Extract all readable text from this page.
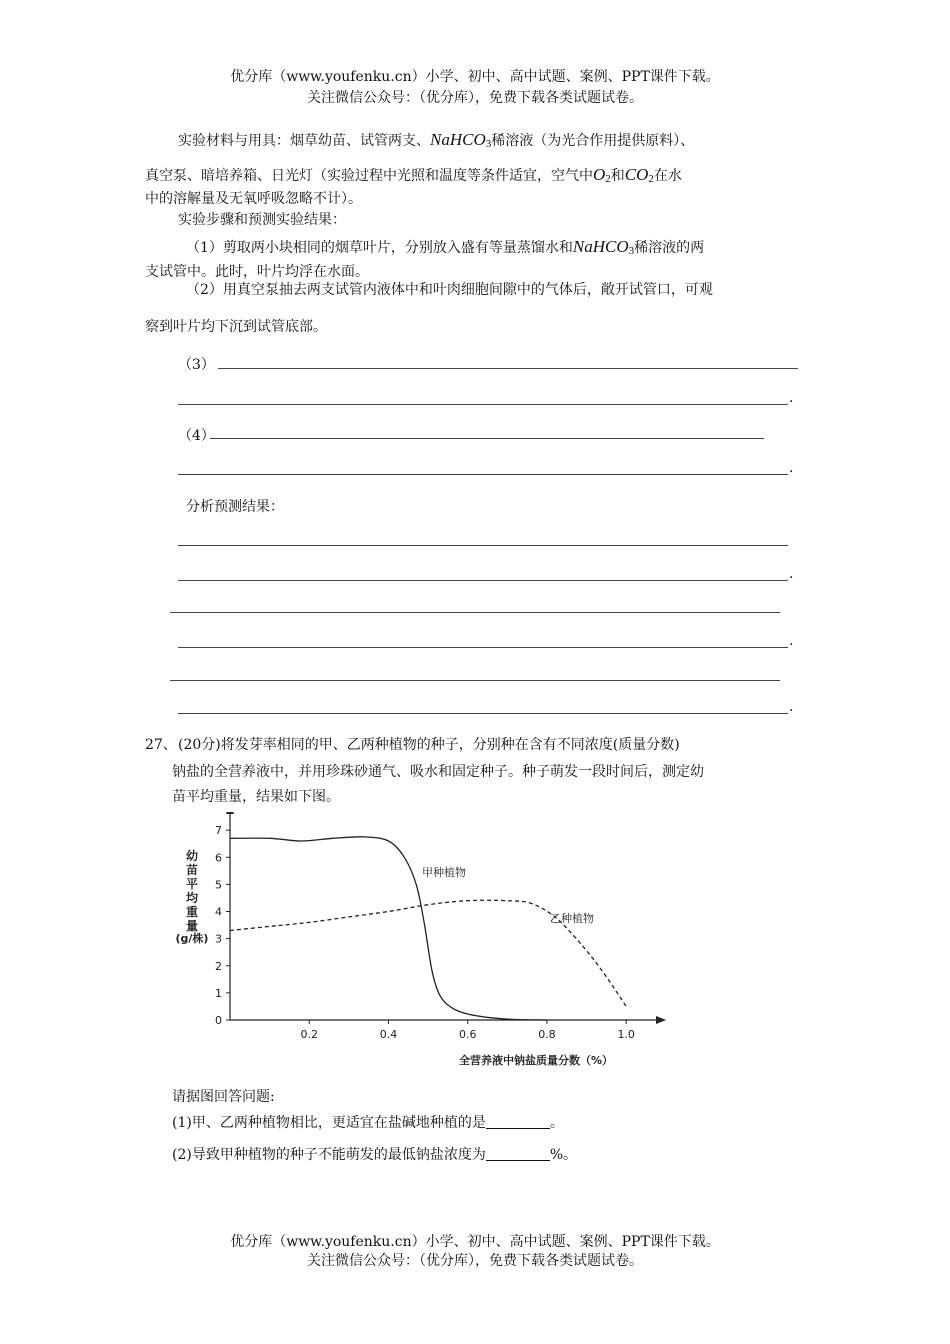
优分库（www.youfenku.cn）小学、初中、高中试题、案例、PPT课件下载。
关注微信公众号：（优分库），免费下载各类试题试卷。
实验材料与用具：烟草幼苗、试管两支、NaHCO3稀溶液（为光合作用提供原料）、
真空泵、暗培养箱、日光灯（实验过程中光照和温度等条件适宜，空气中O2和CO2在水
中的溶解量及无氧呼吸忽略不计）。
实验步骤和预测实验结果：
（1）剪取两小块相同的烟草叶片，分别放入盛有等量蒸馏水和NaHCO3稀溶液的两
支试管中。此时，叶片均浮在水面。
（2）用真空泵抽去两支试管内液体中和叶肉细胞间隙中的气体后，敞开试管口，可观
察到叶片均下沉到试管底部。
（3）
.
（4）
.
分析预测结果：
.
.
.
27、 (20分)将发芽率相同的甲、乙两种植物的种子，分别种在含有不同浓度(质量分数)
钠盐的全营养液中，并用珍珠砂通气、吸水和固定种子。种子萌发一段时间后，测定幼
苗平均重量，结果如下图。
0
1
2
3
4
5
6
7
0.2	0.4	0.6	0.8	1.0
甲种植物
乙种植物
幼
苗
平
均
重
量
(g/株)
全营养液中钠盐质量分数（%）
请据图回答问题:
(1)甲、乙两种植物相比，更适宜在盐碱地种植的是	。
(2)导致甲种植物的种子不能萌发的最低钠盐浓度为	%。
优分库（www.youfenku.cn）小学、初中、高中试题、案例、PPT课件下载。
关注微信公众号：（优分库），免费下载各类试题试卷。
